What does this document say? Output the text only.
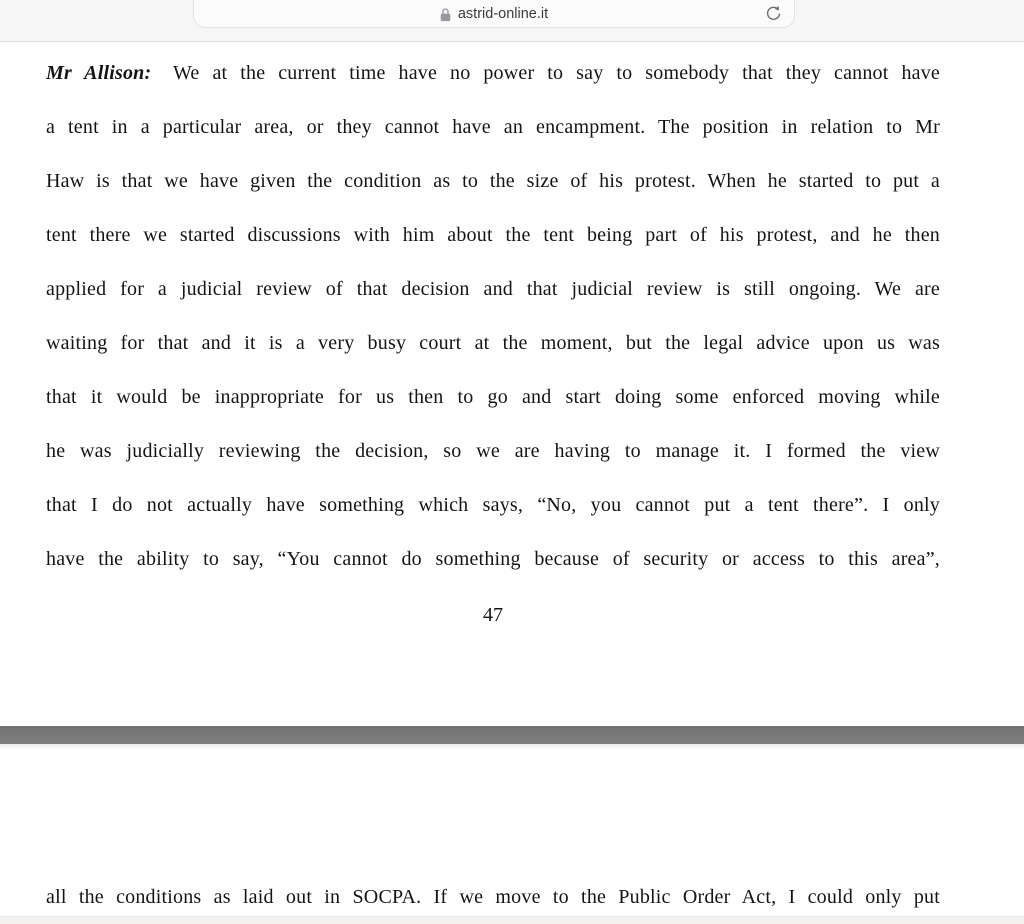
astrid-online.it
Mr Allison: We at the current time have no power to say to somebody that they cannot have
a tent in a particular area, or they cannot have an encampment. The position in relation to Mr
Haw is that we have given the condition as to the size of his protest. When he started to put a
tent there we started discussions with him about the tent being part of his protest, and he then
applied for a judicial review of that decision and that judicial review is still ongoing. We are
waiting for that and it is a very busy court at the moment, but the legal advice upon us was
that it would be inappropriate for us then to go and start doing some enforced moving while
he was judicially reviewing the decision, so we are having to manage it. I formed the view
that I do not actually have something which says, “No, you cannot put a tent there”. I only
have the ability to say, “You cannot do something because of security or access to this area”,
47
all the conditions as laid out in SOCPA. If we move to the Public Order Act, I could only put
